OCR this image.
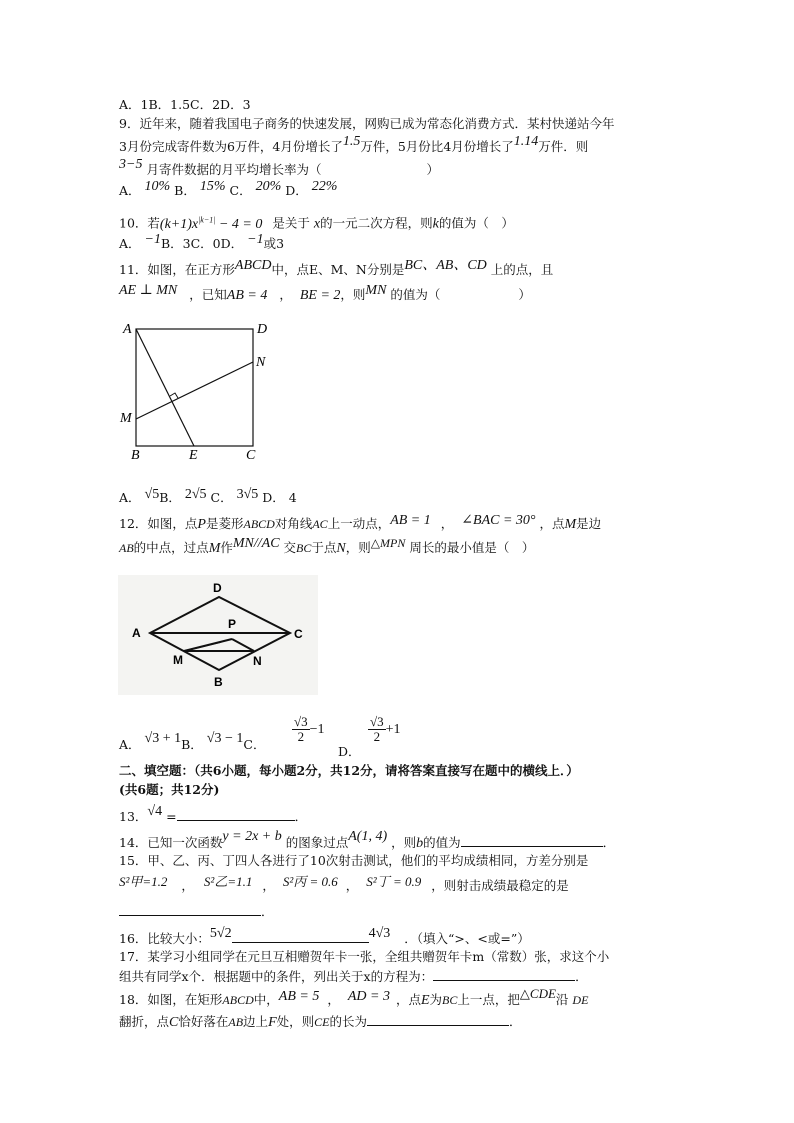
A．1B．1.5C．2D．3
9．近年来，随着我国电子商务的快速发展，网购已成为常态化消费方式．某村快递站今年
3月份完成寄件数为6万件，4月份增长了1.5万件，5月份比4月份增长了1.14万件．则
3−5 月寄件数据的月平均增长率为（	）
A． 10% B． 15% C． 20% D． 22%
10．若$(k+1)x^{|k-1|} - 4 = 0$ 是关于 x的一元二次方程，则k的值为（　）
A． −1B．3C．0D． −1或3
11．如图，在正方形ABCD中，点E、M、N分别是BC、AB、CD 上的点，且
AE ⊥ MN ，已知AB = 4 ， BE = 2，则MN 的值为（	）
A	D
N
M
B	E	C
A． √5B． 2√5 C． 3√5 D． 4
12．如图，点P是菱形ABCD对角线AC上一动点，AB = 1 ， ∠BAC = 30° ，点M是边
AB的中点，过点M作MN//AC 交BC于点N，则△MPN 周长的最小值是（　）
D
A
P
C
M	N
B
A． √3 + 1B． √3 − 1C．
$\frac{√3}{2} -1$
D．
$\frac{√3}{2} +1$
二、填空题：（共6小题，每小题2分，共12分，请将答案直接写在题中的横线上．）
(共6题；共12分)
13．√4 =	．
14．已知一次函数y = 2x + b 的图象过点A(1, 4) ，则b的值为	．
15．甲、乙、丙、丁四人各进行了10次射击测试，他们的平均成绩相同，方差分别是
S²甲=1.2 ， S²乙=1.1 ， S²丙 = 0.6 ， S²丁 = 0.9 ，则射击成绩最稳定的是
．
16．比较大小：5√2	4√3 ．（填入“>、<或=”）
17．某学习小组同学在元旦互相赠贺年卡一张，全组共赠贺年卡m（常数）张，求这个小
组共有同学x个．根据题中的条件，列出关于x的方程为：	．
18．如图，在矩形ABCD中，AB = 5 ， AD = 3 ，点E为BC上一点，把△CDE沿 DE
翻折，点C恰好落在AB边上F处，则CE的长为	．
